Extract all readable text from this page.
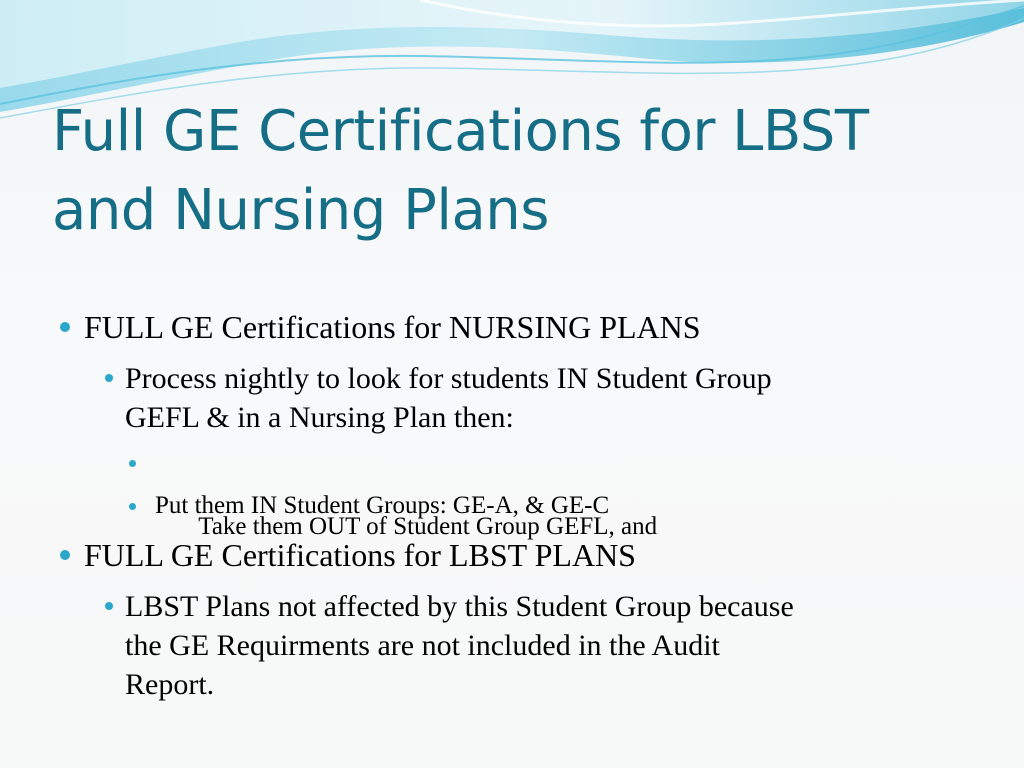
Full GE Certifications for LBST
and Nursing Plans
FULL GE Certifications for NURSING PLANS
Process nightly to look for students IN Student Group
GEFL & in a Nursing Plan then:

Take them OUT of Student Group GEFL, and

Put them IN Student Groups: GE-A, & GE-C
FULL GE Certifications for LBST PLANS
LBST Plans not affected by this Student Group because
the GE Requirments are not included in the Audit
Report.
